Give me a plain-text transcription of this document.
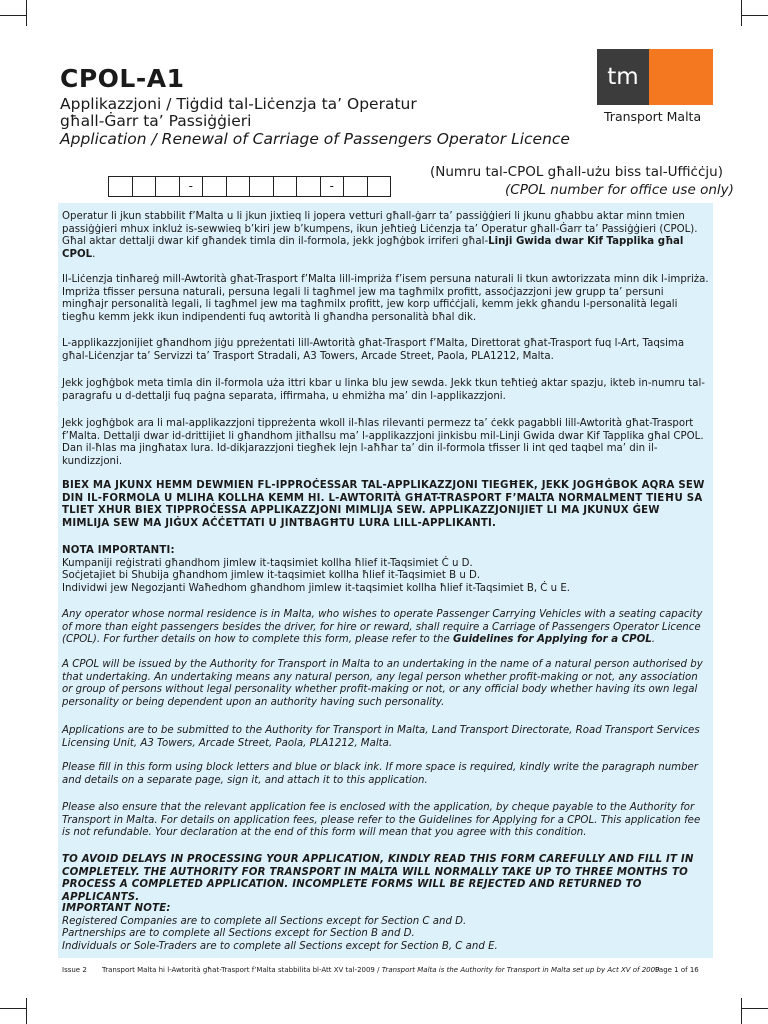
CPOL-A1
Applikazzjoni / Tiġdid tal-Liċenzja ta’ Operatur
għall-Ġarr ta’ Passiġġieri
Application / Renewal of Carriage of Passengers Operator Licence
tm
Transport Malta
(Numru tal-CPOL għall-użu biss tal-Uffiċċju)
(CPOL number for office use only)
-	-

Operatur li jkun stabbilit f’Malta u li jkun jixtieq li jopera vetturi għall-ġarr ta’ passiġġieri li jkunu għabbu aktar minn tmien passiġġieri mhux inkluż is-sewwieq b’kiri jew b’kumpens, ikun jeħtieġ Liċenzja ta’ Operatur għall-Ġarr ta’ Passiġġieri (CPOL). Għal aktar dettalji dwar kif għandek timla din il-formola, jekk jogħġbok irriferi għal-Linji Gwida dwar Kif Tapplika għal CPOL.

Il-Liċenzja tinħareġ mill-Awtorità għat-Trasport f’Malta lill-impriża f’isem persuna naturali li tkun awtorizzata minn dik l-impriża. Impriża tfisser persuna naturali, persuna legali li tagħmel jew ma tagħmilx profitt, assoċjazzjoni jew grupp ta’ persuni mingħajr personalità legali, li tagħmel jew ma tagħmilx profitt, jew korp uffiċċjali, kemm jekk għandu l-personalità legali tiegħu kemm jekk ikun indipendenti fuq awtorità li għandha personalità bħal dik.

L-applikazzjonijiet għandhom jiġu ppreżentati lill-Awtorità għat-Trasport f’Malta, Direttorat għat-Trasport fuq l-Art, Taqsima għal-Liċenzjar ta’ Servizzi ta’ Trasport Stradali, A3 Towers, Arcade Street, Paola, PLA1212, Malta.

Jekk jogħġbok meta timla din il-formola uża ittri kbar u linka blu jew sewda. Jekk tkun teħtieġ aktar spazju, ikteb in-numru tal-paragrafu u d-dettalji fuq paġna separata, iffirmaha, u ehmiżha ma’ din l-applikazzjoni.

Jekk jogħġbok ara li mal-applikazzjoni tippreżenta wkoll il-ħlas rilevanti permezz ta’ ċekk pagabbli lill-Awtorità għat-Trasport f’Malta. Dettalji dwar id-drittijiet li għandhom jitħallsu ma’ l-applikazzjoni jinkisbu mil-Linji Gwida dwar Kif Tapplika għal CPOL. Dan il-ħlas ma jingħatax lura. Id-dikjarazzjoni tiegħek lejn l-aħħar ta’ din il-formola tfisser li int qed taqbel ma’ din il-kundizzjoni.

BIEX MA JKUNX HEMM DEWMIEN FL-IPPROĊESSAR TAL-APPLIKAZZJONI TIEGĦEK, JEKK JOGĦĠBOK AQRA SEW DIN IL-FORMOLA U MLIHA KOLLHA KEMM HI. L-AWTORITÀ GĦAT-TRASPORT F’MALTA NORMALMENT TIEĦU SA TLIET XHUR BIEX TIPPROĊESSA APPLIKAZZJONI MIMLIJA SEW. APPLIKAZZJONIJIET LI MA JKUNUX ĠEW MIMLIJA SEW MA JIĠUX AĊĊETTATI U JINTBAGĦTU LURA LILL-APPLIKANTI.

NOTA IMPORTANTI:
Kumpaniji reġistrati għandhom jimlew it-taqsimiet kollha ħlief it-Taqsimiet Ċ u D.
Soċjetajiet bi Shubija għandhom jimlew it-taqsimiet kollha ħlief it-Taqsimiet B u D.
Individwi jew Negozjanti Waħedhom għandhom jimlew it-taqsimiet kollha ħlief it-Taqsimiet B, Ċ u E.

Any operator whose normal residence is in Malta, who wishes to operate Passenger Carrying Vehicles with a seating capacity of more than eight passengers besides the driver, for hire or reward, shall require a Carriage of Passengers Operator Licence (CPOL). For further details on how to complete this form, please refer to the Guidelines for Applying for a CPOL.

A CPOL will be issued by the Authority for Transport in Malta to an undertaking in the name of a natural person authorised by that undertaking. An undertaking means any natural person, any legal person whether profit-making or not, any association or group of persons without legal personality whether profit-making or not, or any official body whether having its own legal personality or being dependent upon an authority having such personality.

Applications are to be submitted to the Authority for Transport in Malta, Land Transport Directorate, Road Transport Services Licensing Unit, A3 Towers, Arcade Street, Paola, PLA1212, Malta.

Please fill in this form using block letters and blue or black ink. If more space is required, kindly write the paragraph number and details on a separate page, sign it, and attach it to this application.

Please also ensure that the relevant application fee is enclosed with the application, by cheque payable to the Authority for Transport in Malta. For details on application fees, please refer to the Guidelines for Applying for a CPOL. This application fee is not refundable. Your declaration at the end of this form will mean that you agree with this condition.

TO AVOID DELAYS IN PROCESSING YOUR APPLICATION, KINDLY READ THIS FORM CAREFULLY AND FILL IT IN COMPLETELY. THE AUTHORITY FOR TRANSPORT IN MALTA WILL NORMALLY TAKE UP TO THREE MONTHS TO PROCESS A COMPLETED APPLICATION. INCOMPLETE FORMS WILL BE REJECTED AND RETURNED TO APPLICANTS.

IMPORTANT NOTE:
Registered Companies are to complete all Sections except for Section C and D.
Partnerships are to complete all Sections except for Section B and D.
Individuals or Sole-Traders are to complete all Sections except for Section B, C and E.

Issue 2 Transport Malta hi l-Awtorità għat-Trasport f’Malta stabbilita bl-Att XV tal-2009 / Transport Malta is the Authority for Transport in Malta set up by Act XV of 2009
Page 1 of 16
